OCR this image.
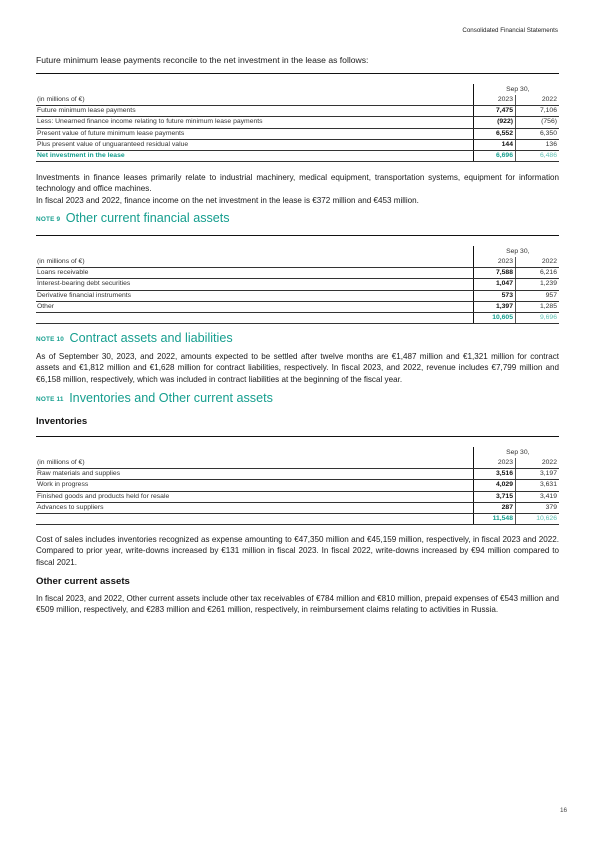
Consolidated Financial Statements
Future minimum lease payments reconcile to the net investment in the lease as follows:
	Sep 30,	
(in millions of €)	2023	2022
Future minimum lease payments	7,475	7,106
Less: Unearned finance income relating to future minimum lease payments	(922)	(756)
Present value of future minimum lease payments	6,552	6,350
Plus present value of unguaranteed residual value	144	136
Net investment in the lease	6,696	6,486
Investments in finance leases primarily relate to industrial machinery, medical equipment, transportation systems, equipment for information technology and office machines.
In fiscal 2023 and 2022, finance income on the net investment in the lease is €372 million and €453 million.
NOTE 9 Other current financial assets
	Sep 30,	
(in millions of €)	2023	2022
Loans receivable	7,588	6,216
Interest-bearing debt securities	1,047	1,239
Derivative financial instruments	573	957
Other	1,397	1,285
	10,605	9,696
NOTE 10 Contract assets and liabilities
As of September 30, 2023, and 2022, amounts expected to be settled after twelve months are €1,487 million and €1,321 million for contract assets and €1,812 million and €1,628 million for contract liabilities, respectively. In fiscal 2023, and 2022, revenue includes €7,799 million and €6,158 million, respectively, which was included in contract liabilities at the beginning of the fiscal year.
NOTE 11 Inventories and Other current assets
Inventories
	Sep 30,	
(in millions of €)	2023	2022
Raw materials and supplies	3,516	3,197
Work in progress	4,029	3,631
Finished goods and products held for resale	3,715	3,419
Advances to suppliers	287	379
	11,548	10,626
Cost of sales includes inventories recognized as expense amounting to €47,350 million and €45,159 million, respectively, in fiscal 2023 and 2022. Compared to prior year, write-downs increased by €131 million in fiscal 2023. In fiscal 2022, write-downs increased by €94 million compared to fiscal 2021.
Other current assets
In fiscal 2023, and 2022, Other current assets include other tax receivables of €784 million and €810 million, prepaid expenses of €543 million and €509 million, respectively, and €283 million and €261 million, respectively, in reimbursement claims relating to activities in Russia.
16
